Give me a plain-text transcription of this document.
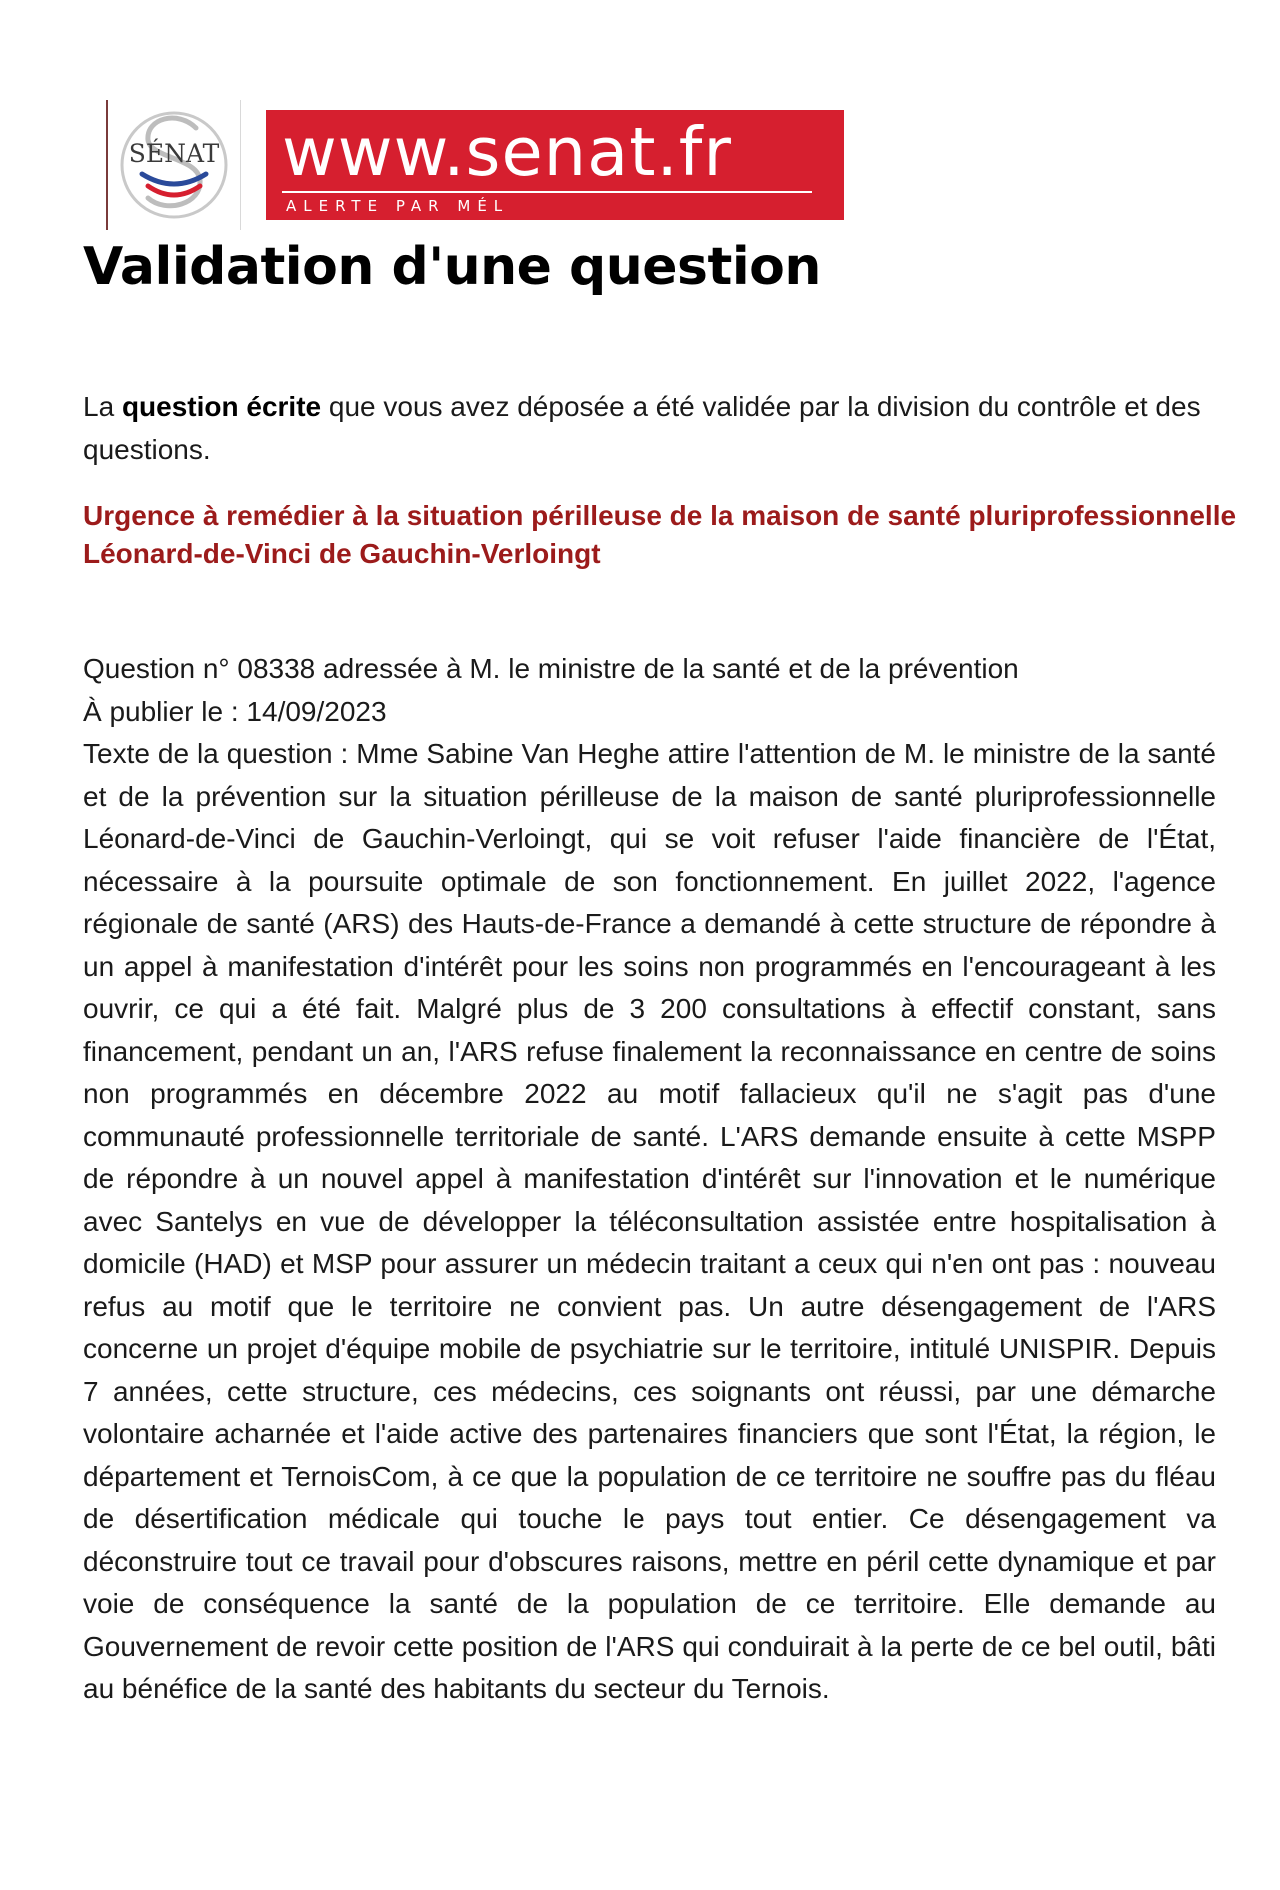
SÉNAT www.senat.fr
ALERTE PAR MÉL
Validation d'une question

La question écrite que vous avez déposée a été validée par la division du contrôle et des questions.

Urgence à remédier à la situation périlleuse de la maison de santé pluriprofessionnelle Léonard-de-Vinci de Gauchin-Verloingt

Question n° 08338 adressée à M. le ministre de la santé et de la prévention

À publier le : 14/09/2023

Texte de la question : Mme Sabine Van Heghe attire l'attention de M. le ministre de la santé et de la prévention sur la situation périlleuse de la maison de santé pluriprofessionnelle Léonard-de-Vinci de Gauchin-Verloingt, qui se voit refuser l'aide financière de l'État, nécessaire à la poursuite optimale de son fonctionnement. En juillet 2022, l'agence régionale de santé (ARS) des Hauts-de-France a demandé à cette structure de répondre à un appel à manifestation d'intérêt pour les soins non programmés en l'encourageant à les ouvrir, ce qui a été fait. Malgré plus de 3 200 consultations à effectif constant, sans financement, pendant un an, l'ARS refuse finalement la reconnaissance en centre de soins non programmés en décembre 2022 au motif fallacieux qu'il ne s'agit pas d'une communauté professionnelle territoriale de santé. L'ARS demande ensuite à cette MSPP de répondre à un nouvel appel à manifestation d'intérêt sur l'innovation et le numérique avec Santelys en vue de développer la téléconsultation assistée entre hospitalisation à domicile (HAD) et MSP pour assurer un médecin traitant a ceux qui n'en ont pas : nouveau refus au motif que le territoire ne convient pas. Un autre désengagement de l'ARS concerne un projet d'équipe mobile de psychiatrie sur le territoire, intitulé UNISPIR. Depuis 7 années, cette structure, ces médecins, ces soignants ont réussi, par une démarche volontaire acharnée et l'aide active des partenaires financiers que sont l'État, la région, le département et TernoisCom, à ce que la population de ce territoire ne souffre pas du fléau de désertification médicale qui touche le pays tout entier. Ce désengagement va déconstruire tout ce travail pour d'obscures raisons, mettre en péril cette dynamique et par voie de conséquence la santé de la population de ce territoire. Elle demande au Gouvernement de revoir cette position de l'ARS qui conduirait à la perte de ce bel outil, bâti au bénéfice de la santé des habitants du secteur du Ternois.
